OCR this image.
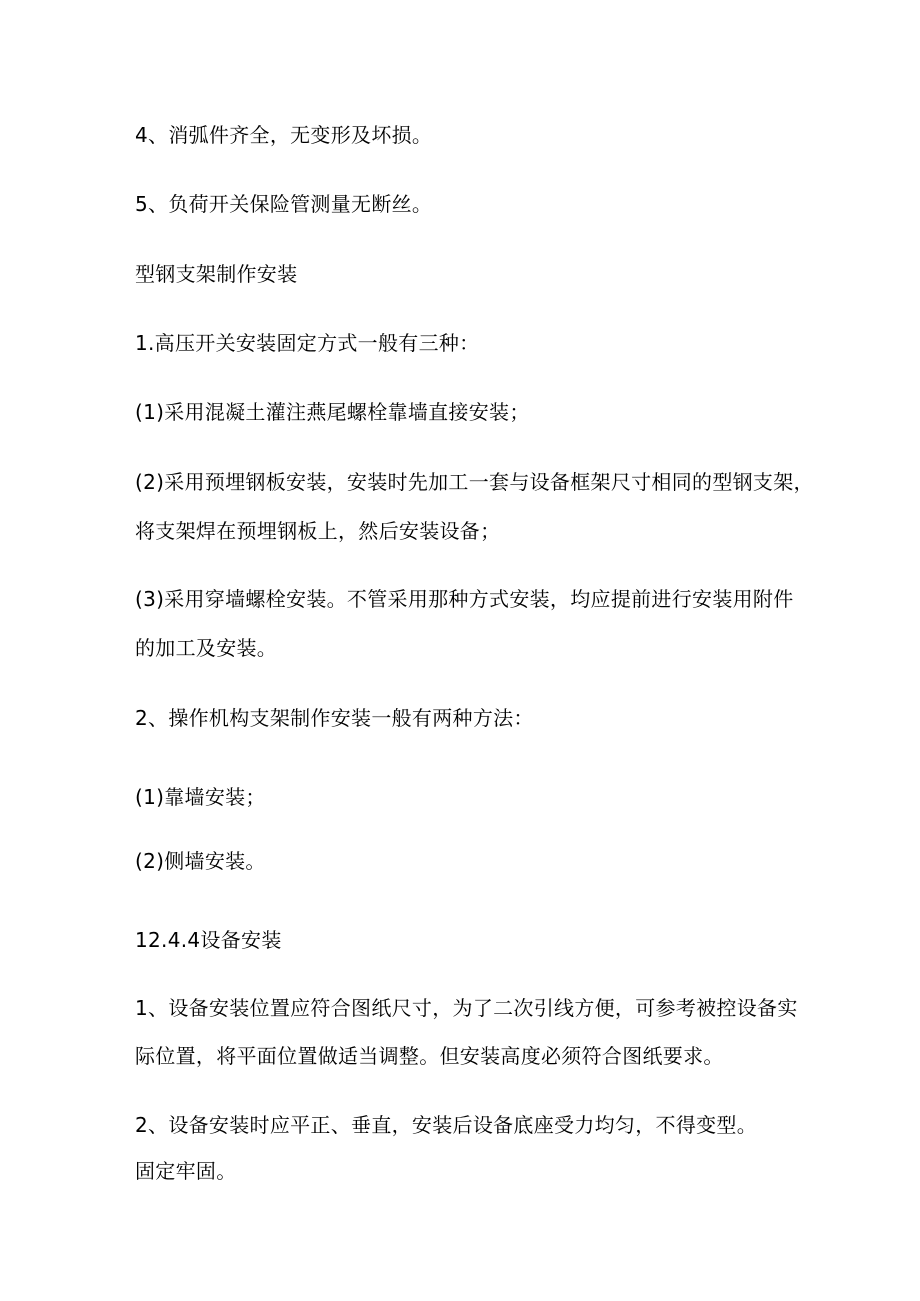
4、消弧件齐全，无变形及坏损。
5、负荷开关保险管测量无断丝。
型钢支架制作安装
1.高压开关安装固定方式一般有三种：
(1)采用混凝土灌注燕尾螺栓靠墙直接安装；
(2)采用预埋钢板安装，安装时先加工一套与设备框架尺寸相同的型钢支架，
将支架焊在预埋钢板上，然后安装设备；
(3)采用穿墙螺栓安装。不管采用那种方式安装，均应提前进行安装用附件
的加工及安装。
2、操作机构支架制作安装一般有两种方法：
(1)靠墙安装；
(2)侧墙安装。
12.4.4设备安装
1、设备安装位置应符合图纸尺寸，为了二次引线方便，可参考被控设备实
际位置，将平面位置做适当调整。但安装高度必须符合图纸要求。
2、设备安装时应平正、垂直，安装后设备底座受力均匀，不得变型。
固定牢固。
